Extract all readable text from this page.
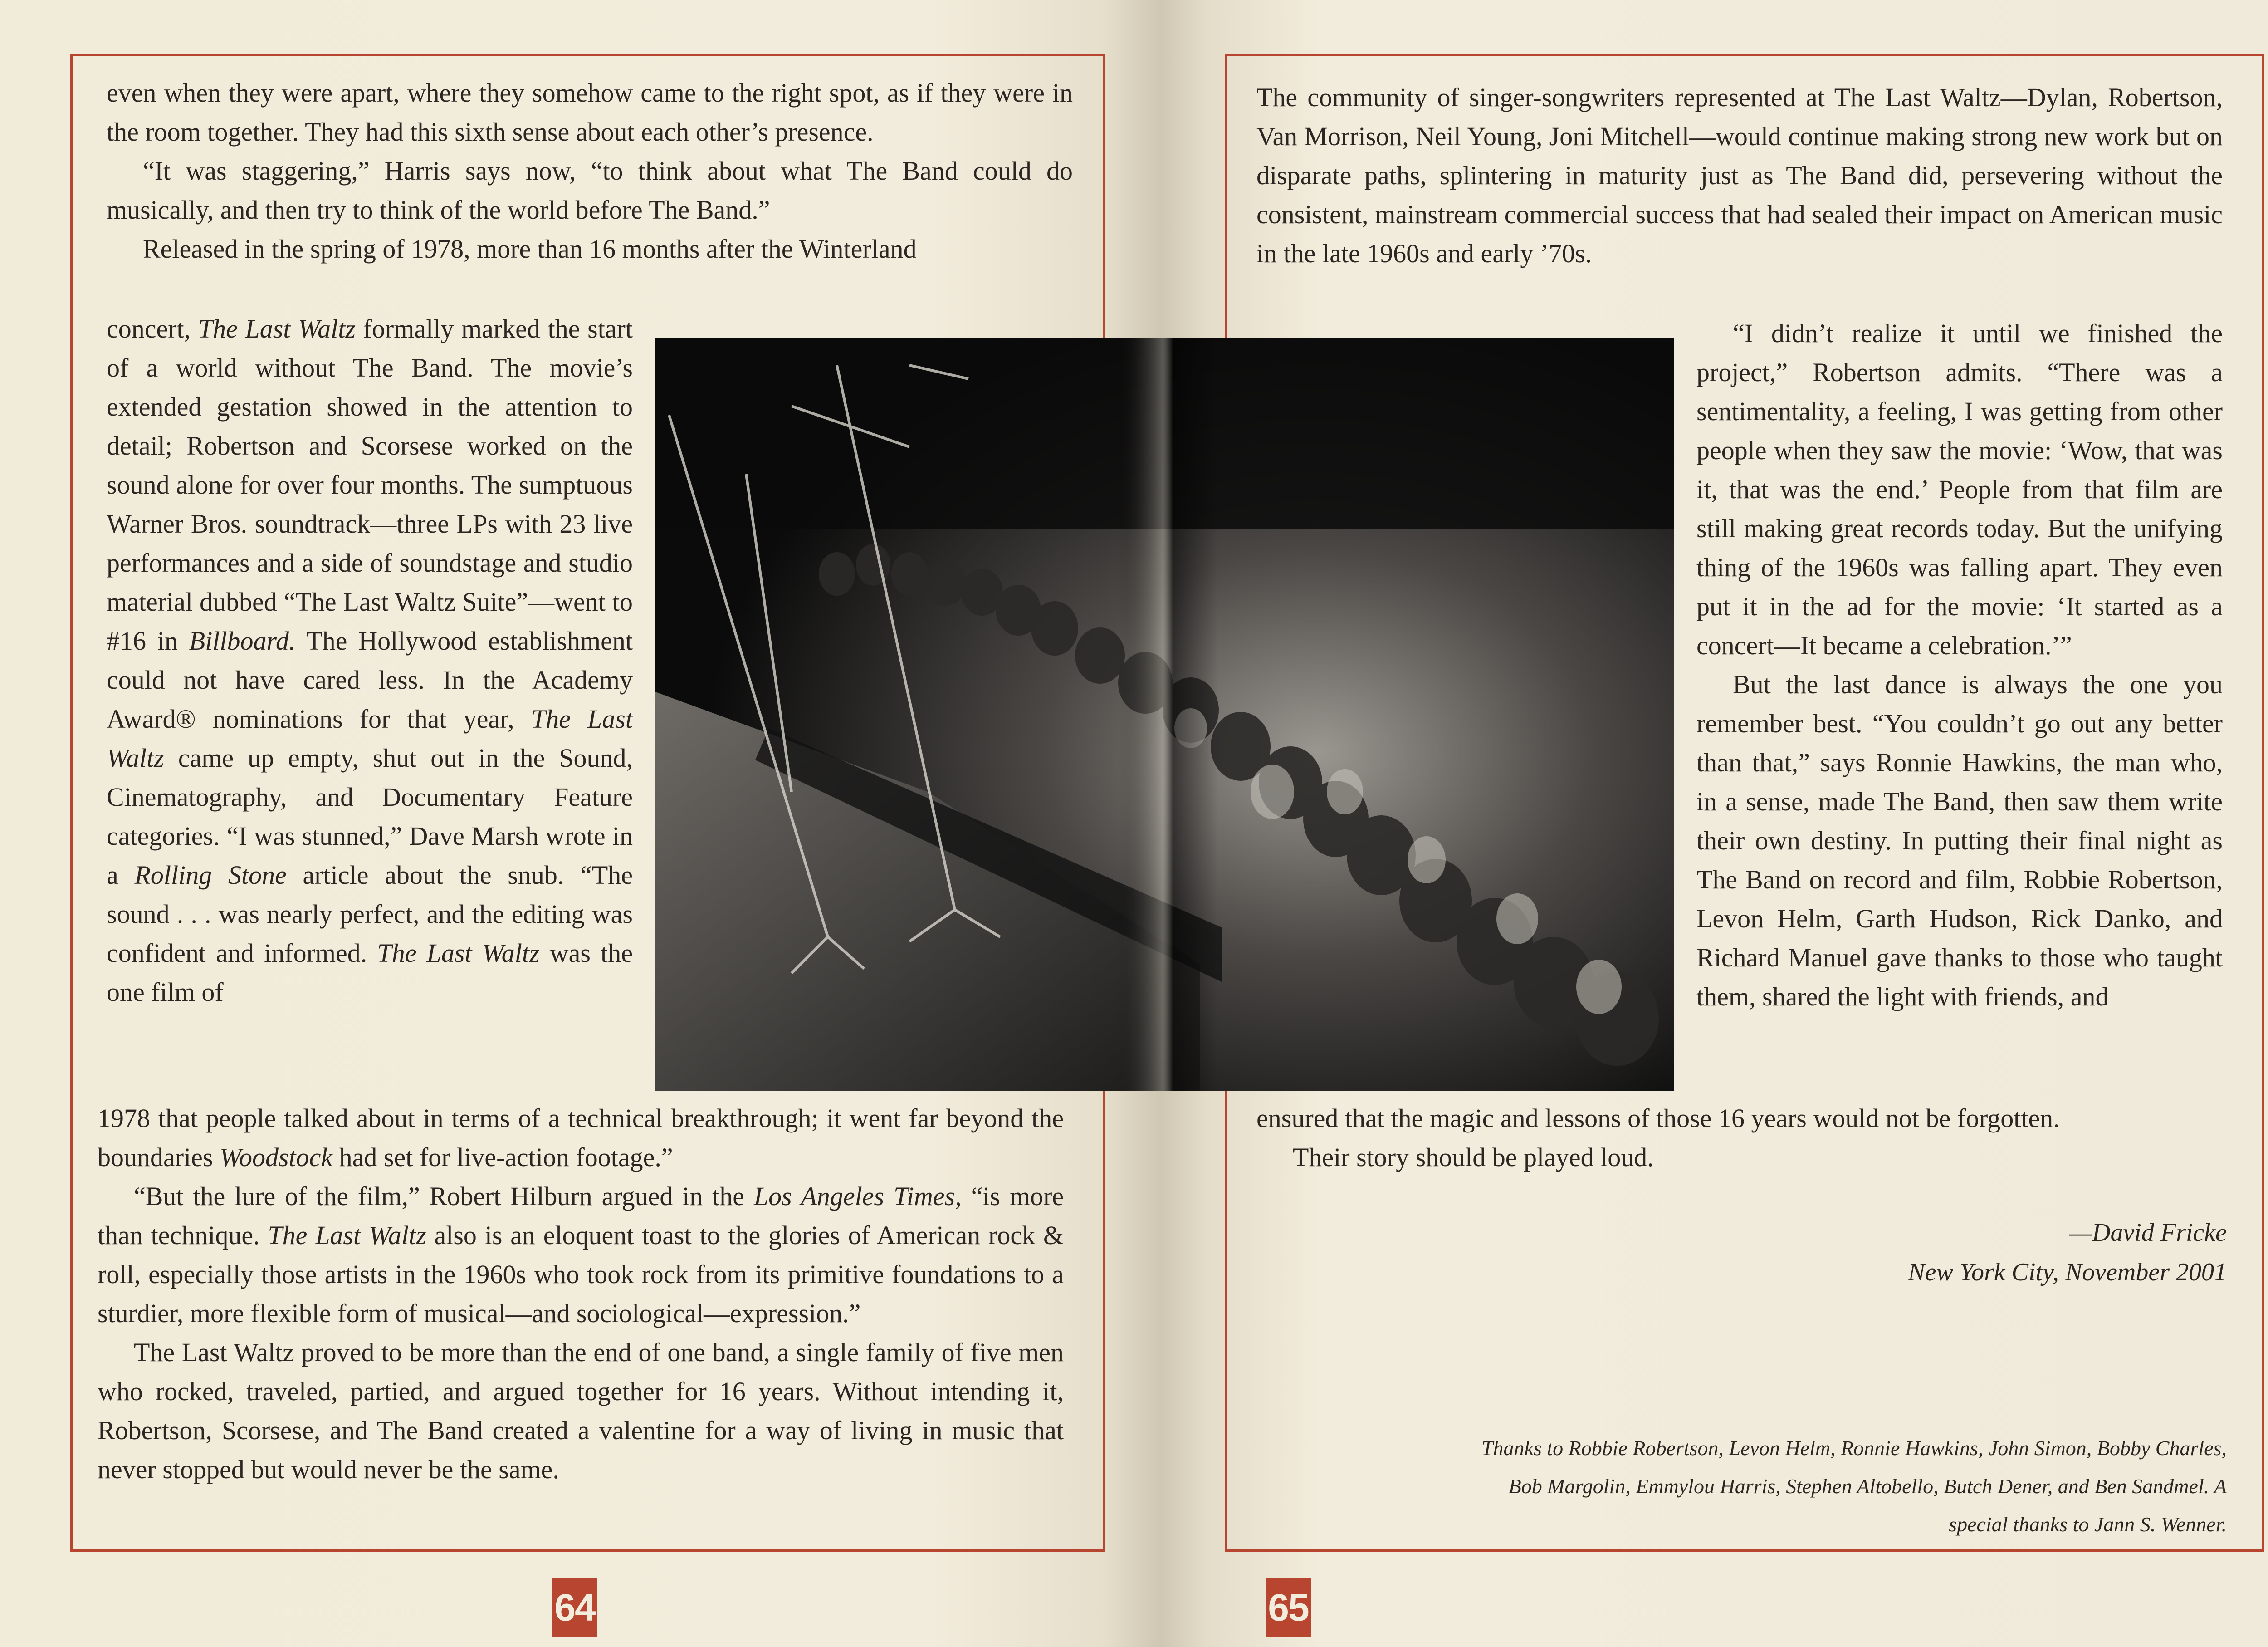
even when they were apart, where they somehow came to the right spot, as if they were in the room together. They had this sixth sense about each other’s presence.

“It was staggering,” Harris says now, “to think about what The Band could do musically, and then try to think of the world before The Band.”

Released in the spring of 1978, more than 16 months after the Winterland

concert, The Last Waltz formally marked the start of a world without The Band. The movie’s extended gestation showed in the attention to detail; Robertson and Scorsese worked on the sound alone for over four months. The sumptuous Warner Bros. soundtrack—three LPs with 23 live performances and a side of soundstage and studio material dubbed “The Last Waltz Suite”—went to #16 in Billboard. The Hollywood establishment could not have cared less. In the Academy Award® nominations for that year, The Last Waltz came up empty, shut out in the Sound, Cinematography, and Documentary Feature categories. “I was stunned,” Dave Marsh wrote in a Rolling Stone article about the snub. “The sound . . . was nearly perfect, and the editing was confident and informed. The Last Waltz was the one film of

1978 that people talked about in terms of a technical breakthrough; it went far beyond the boundaries Woodstock had set for live-action footage.”

“But the lure of the film,” Robert Hilburn argued in the Los Angeles Times, “is more than technique. The Last Waltz also is an eloquent toast to the glories of American rock & roll, especially those artists in the 1960s who took rock from its primitive foundations to a sturdier, more flexible form of musical—and sociological—expression.”

The Last Waltz proved to be more than the end of one band, a single family of five men who rocked, traveled, partied, and argued together for 16 years. Without intending it, Robertson, Scorsese, and The Band created a valentine for a way of living in music that never stopped but would never be the same.

64

The community of singer-songwriters represented at The Last Waltz—Dylan, Robertson, Van Morrison, Neil Young, Joni Mitchell—would continue making strong new work but on disparate paths, splintering in maturity just as The Band did, persevering without the consistent, mainstream commercial success that had sealed their impact on American music in the late 1960s and early ’70s.

“I didn’t realize it until we finished the project,” Robertson admits. “There was a sentimentality, a feeling, I was getting from other people when they saw the movie: ‘Wow, that was it, that was the end.’ People from that film are still making great records today. But the unifying thing of the 1960s was falling apart. They even put it in the ad for the movie: ‘It started as a concert—It became a celebration.’”

But the last dance is always the one you remember best. “You couldn’t go out any better than that,” says Ronnie Hawkins, the man who, in a sense, made The Band, then saw them write their own destiny. In putting their final night as The Band on record and film, Robbie Robertson, Levon Helm, Garth Hudson, Rick Danko, and Richard Manuel gave thanks to those who taught them, shared the light with friends, and

ensured that the magic and lessons of those 16 years would not be forgotten.

Their story should be played loud.

—David Fricke
New York City, November 2001
Thanks to Robbie Robertson, Levon Helm, Ronnie Hawkins, John Simon, Bobby Charles, Bob Margolin, Emmylou Harris, Stephen Altobello, Butch Dener, and Ben Sandmel. A special thanks to Jann S. Wenner.
65
